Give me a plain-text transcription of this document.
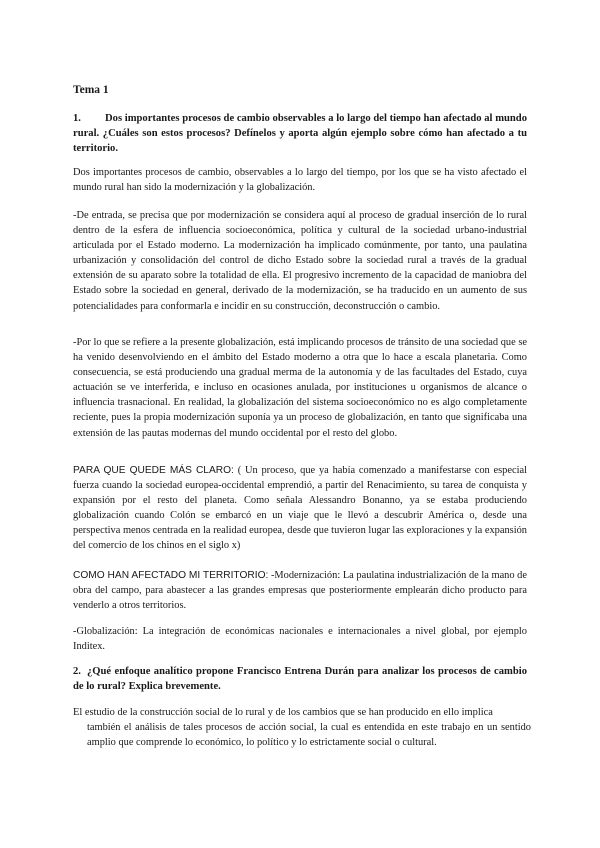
Tema 1
1. Dos importantes procesos de cambio observables a lo largo del tiempo han afectado al mundo rural. ¿Cuáles son estos procesos? Defínelos y aporta algún ejemplo sobre cómo han afectado a tu territorio.
Dos importantes procesos de cambio, observables a lo largo del tiempo, por los que se ha visto afectado el mundo rural han sido la modernización y la globalización.
-De entrada, se precisa que por modernización se considera aquí al proceso de gradual inserción de lo rural dentro de la esfera de influencia socioeconómica, política y cultural de la sociedad urbano-industrial articulada por el Estado moderno. La modernización ha implicado comúnmente, por tanto, una paulatina urbanización y consolidación del control de dicho Estado sobre la sociedad rural a través de la gradual extensión de su aparato sobre la totalidad de ella. El progresivo incremento de la capacidad de maniobra del Estado sobre la sociedad en general, derivado de la modernización, se ha traducido en un aumento de sus potencialidades para conformarla e incidir en su construcción, deconstrucción o cambio.
-Por lo que se refiere a la presente globalización, está implicando procesos de tránsito de una sociedad que se ha venido desenvolviendo en el ámbito del Estado moderno a otra que lo hace a escala planetaria. Como consecuencia, se está produciendo una gradual merma de la autonomía y de las facultades del Estado, cuya actuación se ve interferida, e incluso en ocasiones anulada, por instituciones u organismos de alcance o influencia trasnacional. En realidad, la globalización del sistema socioeconómico no es algo completamente reciente, pues la propia modernización suponía ya un proceso de globalización, en tanto que significaba una extensión de las pautas modernas del mundo occidental por el resto del globo.
PARA QUE QUEDE MÁS CLARO: ( Un proceso, que ya había comenzado a manifestarse con especial fuerza cuando la sociedad europea-occidental emprendió, a partir del Renacimiento, su tarea de conquista y expansión por el resto del planeta. Como señala Alessandro Bonanno, ya se estaba produciendo globalización cuando Colón se embarcó en un viaje que le llevó a descubrir América o, desde una perspectiva menos centrada en la realidad europea, desde que tuvieron lugar las exploraciones y la expansión del comercio de los chinos en el siglo x)
COMO HAN AFECTADO MI TERRITORIO: -Modernización: La paulatina industrialización de la mano de obra del campo, para abastecer a las grandes empresas que posteriormente emplearán dicho producto para venderlo a otros territorios.
-Globalización: La integración de económicas nacionales e internacionales a nivel global, por ejemplo Inditex.
2. ¿Qué enfoque analítico propone Francisco Entrena Durán para analizar los procesos de cambio de lo rural? Explica brevemente.
El estudio de la construcción social de lo rural y de los cambios que se han producido en ello implica
también el análisis de tales procesos de acción social, la cual es entendida en este trabajo en un sentido amplio que comprende lo económico, lo político y lo estrictamente social o cultural.
